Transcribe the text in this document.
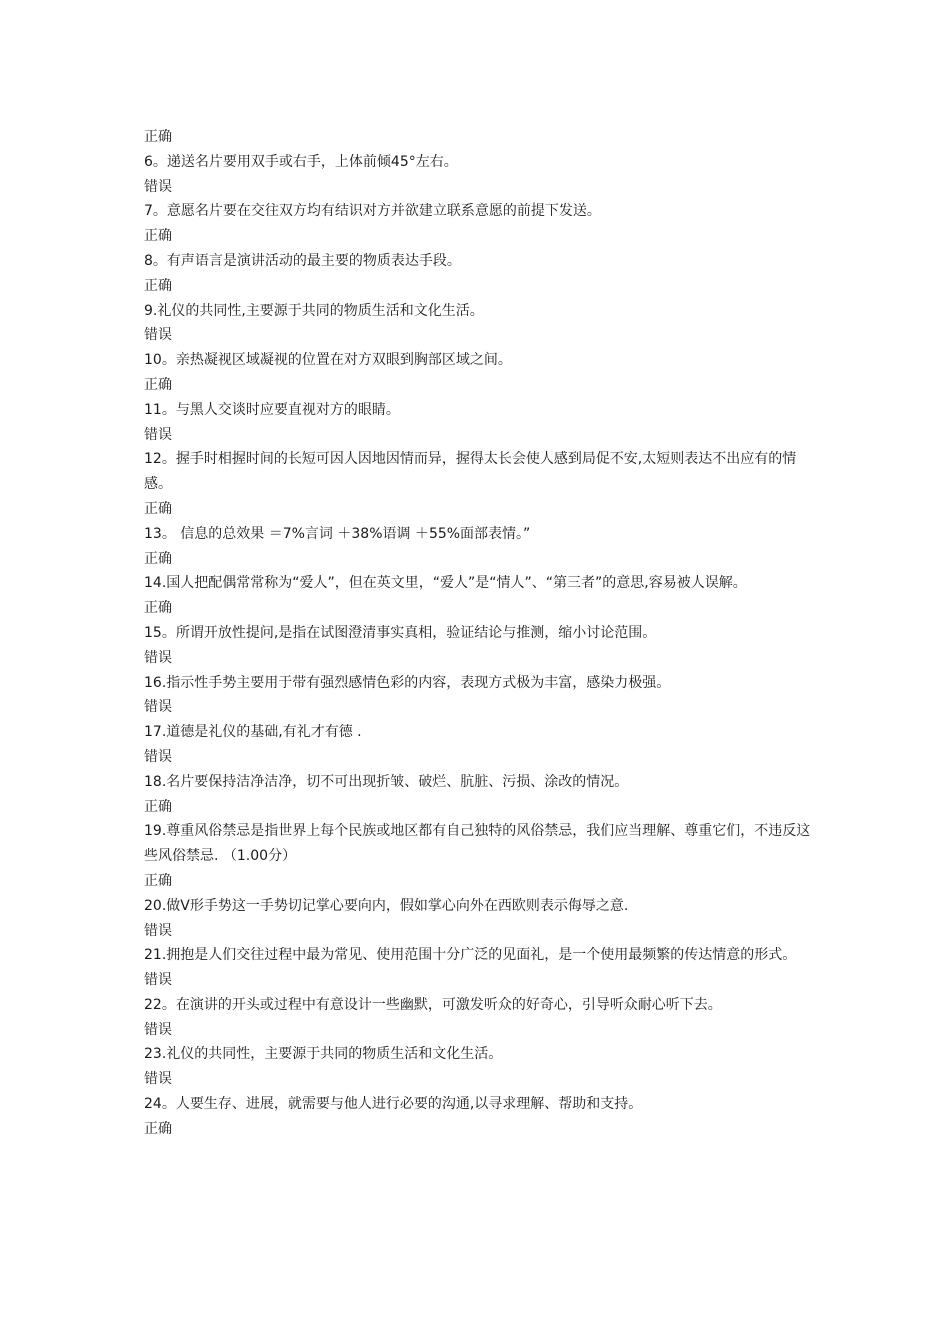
正确

6。递送名片要用双手或右手，上体前倾45°左右。

错误

7。意愿名片要在交往双方均有结识对方并欲建立联系意愿的前提下发送。

正确

8。有声语言是演讲活动的最主要的物质表达手段。

正确

9.礼仪的共同性,主要源于共同的物质生活和文化生活。

错误

10。亲热凝视区域凝视的位置在对方双眼到胸部区域之间。

正确

11。与黑人交谈时应要直视对方的眼睛。

错误

12。握手时相握时间的长短可因人因地因情而异，握得太长会使人感到局促不安,太短则表达不出应有的情感。

正确

13。 信息的总效果 ＝7%言词 ＋38%语调 ＋55%面部表情。”

正确

14.国人把配偶常常称为“爱人”，但在英文里，“爱人”是“情人”、“第三者”的意思,容易被人误解。

正确

15。所谓开放性提问,是指在试图澄清事实真相，验证结论与推测，缩小讨论范围。

错误

16.指示性手势主要用于带有强烈感情色彩的内容，表现方式极为丰富，感染力极强。

错误

17.道德是礼仪的基础,有礼才有德 .

错误

18.名片要保持洁净洁净，切不可出现折皱、破烂、肮脏、污损、涂改的情况。

正确

19.尊重风俗禁忌是指世界上每个民族或地区都有自己独特的风俗禁忌，我们应当理解、尊重它们，不违反这些风俗禁忌. （1.00分）

正确

20.做V形手势这一手势切记掌心要向内，假如掌心向外在西欧则表示侮辱之意.

错误

21.拥抱是人们交往过程中最为常见、使用范围十分广泛的见面礼，是一个使用最频繁的传达情意的形式。

错误

22。在演讲的开头或过程中有意设计一些幽默，可激发听众的好奇心，引导听众耐心听下去。

错误

23.礼仪的共同性，主要源于共同的物质生活和文化生活。

错误

24。人要生存、进展，就需要与他人进行必要的沟通,以寻求理解、帮助和支持。

正确
